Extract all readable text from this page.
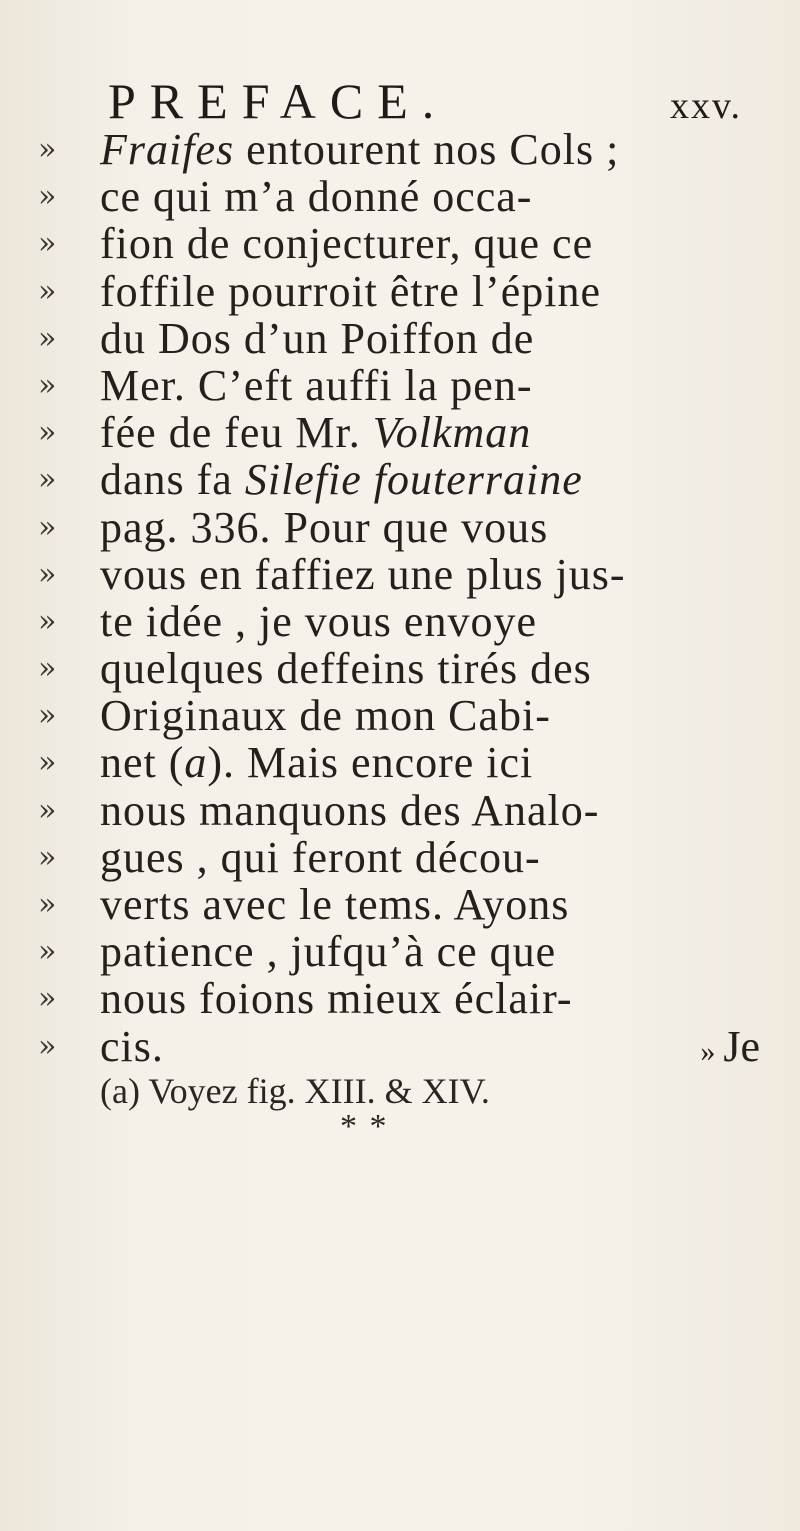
PREFACE.	xxv.
» Fraifes entourent nos Cols ;
» ce qui m’a donné occa-
» fion de conjecturer, que ce
» foffile pourroit être l’épine
» du Dos d’un Poiffon de
» Mer. C’eft auffi la pen-
» fée de feu Mr. Volkman
» dans fa Silefie fouterraine
» pag. 336. Pour que vous
» vous en faffiez une plus jus-
» te idée , je vous envoye
» quelques deffeins tirés des
» Originaux de mon Cabi-
» net (a). Mais encore ici
» nous manquons des Analo-
» gues , qui feront décou-
» verts avec le tems. Ayons
» patience , jufqu’à ce que
» nous foions mieux éclair-
» cis.	» Je
(a) Voyez fig. XIII. & XIV.
* *
